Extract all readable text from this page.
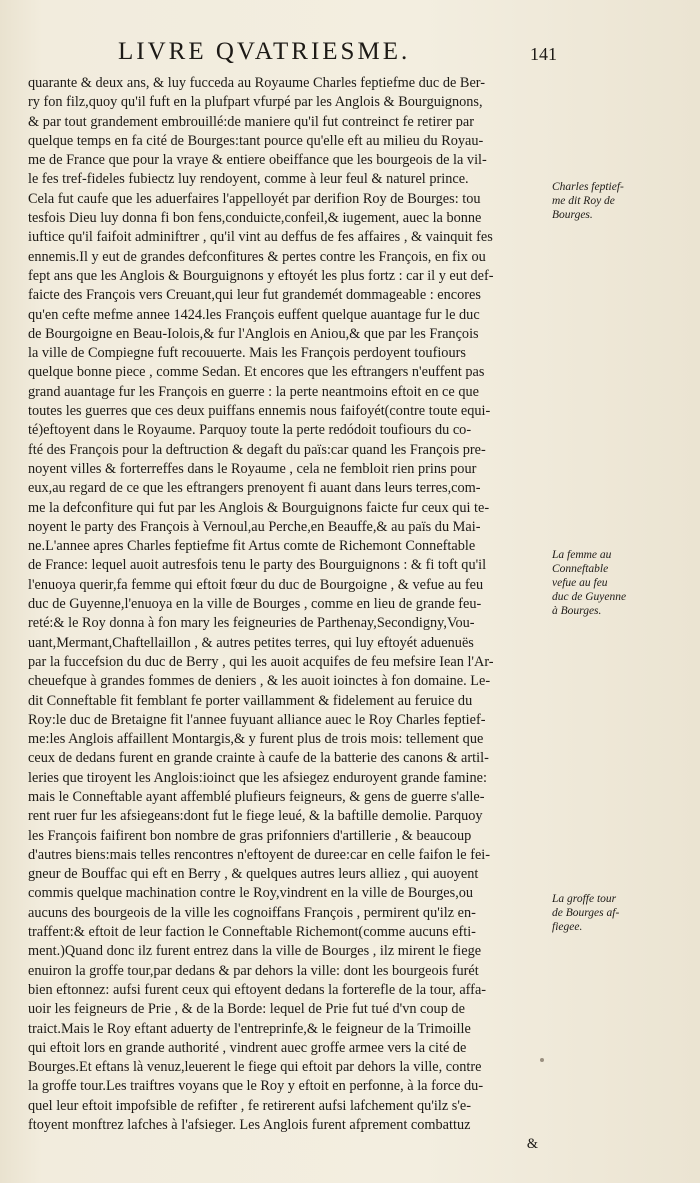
LIVRE QVATRIESME.	141
quarante & deux ans, & luy fucceda au Royaume Charles feptiefme duc de Ber-
ry fon filz,quoy qu'il fuft en la plufpart vfurpé par les Anglois & Bourguignons,
& par tout grandement embrouillé:de maniere qu'il fut contreinct fe retirer par
quelque temps en fa cité de Bourges:tant pource qu'elle eft au milieu du Royau-
me de France que pour la vraye & entiere obeiffance que les bourgeois de la vil-
le fes tref-fideles fubiectz luy rendoyent, comme à leur feul & naturel prince.
Cela fut caufe que les aduerfaires l'appelloyét par derifion Roy de Bourges: tou
tesfois Dieu luy donna fi bon fens,conduicte,confeil,& iugement, auec la bonne
iuftice qu'il faifoit adminiftrer , qu'il vint au deffus de fes affaires , & vainquit fes
ennemis.Il y eut de grandes defconfitures & pertes contre les François, en fix ou
fept ans que les Anglois & Bourguignons y eftoyét les plus fortz : car il y eut def-
faicte des François vers Creuant,qui leur fut grandemét dommageable : encores
qu'en cefte mefme annee 1424.les François euffent quelque auantage fur le duc
de Bourgoigne en Beau-Iolois,& fur l'Anglois en Aniou,& que par les François
la ville de Compiegne fuft recouuerte. Mais les François perdoyent toufiours
quelque bonne piece , comme Sedan. Et encores que les eftrangers n'euffent pas
grand auantage fur les François en guerre : la perte neantmoins eftoit en ce que
toutes les guerres que ces deux puiffans ennemis nous faifoyét(contre toute equi-
té)eftoyent dans le Royaume. Parquoy toute la perte redódoit toufiours du co-
fté des François pour la deftruction & degaft du païs:car quand les François pre-
noyent villes & forterreffes dans le Royaume , cela ne fembloit rien prins pour
eux,au regard de ce que les eftrangers prenoyent fi auant dans leurs terres,com-
me la defconfiture qui fut par les Anglois & Bourguignons faicte fur ceux qui te-
noyent le party des François à Vernoul,au Perche,en Beauffe,& au païs du Mai-
ne.L'annee apres Charles feptiefme fit Artus comte de Richemont Conneftable
de France: lequel auoit autresfois tenu le party des Bourguignons : & fi toft qu'il
l'enuoya querir,fa femme qui eftoit fœur du duc de Bourgoigne , & vefue au feu
duc de Guyenne,l'enuoya en la ville de Bourges , comme en lieu de grande feu-
reté:& le Roy donna à fon mary les feigneuries de Parthenay,Secondigny,Vou-
uant,Mermant,Chaftellaillon , & autres petites terres, qui luy eftoyét aduenuës
par la fuccefsion du duc de Berry , qui les auoit acquifes de feu mefsire Iean l'Ar-
cheuefque à grandes fommes de deniers , & les auoit ioinctes à fon domaine. Le-
dit Conneftable fit femblant fe porter vaillamment & fidelement au feruice du
Roy:le duc de Bretaigne fit l'annee fuyuant alliance auec le Roy Charles feptief-
me:les Anglois affaillent Montargis,& y furent plus de trois mois: tellement que
ceux de dedans furent en grande crainte à caufe de la batterie des canons & artil-
leries que tiroyent les Anglois:ioinct que les afsiegez enduroyent grande famine:
mais le Conneftable ayant affemblé plufieurs feigneurs, & gens de guerre s'alle-
rent ruer fur les afsiegeans:dont fut le fiege leué, & la baftille demolie. Parquoy
les François faifirent bon nombre de gras prifonniers d'artillerie , & beaucoup
d'autres biens:mais telles rencontres n'eftoyent de duree:car en celle faifon le fei-
gneur de Bouffac qui eft en Berry , & quelques autres leurs alliez , qui auoyent
commis quelque machination contre le Roy,vindrent en la ville de Bourges,ou
aucuns des bourgeois de la ville les cognoiffans François , permirent qu'ilz en-
traffent:& eftoit de leur faction le Conneftable Richemont(comme aucuns efti-
ment.)Quand donc ilz furent entrez dans la ville de Bourges , ilz mirent le fiege
enuiron la groffe tour,par dedans & par dehors la ville: dont les bourgeois furét
bien eftonnez: aufsi furent ceux qui eftoyent dedans la forterefle de la tour, affa-
uoir les feigneurs de Prie , & de la Borde: lequel de Prie fut tué d'vn coup de
traict.Mais le Roy eftant aduerty de l'entreprinfe,& le feigneur de la Trimoille
qui eftoit lors en grande authorité , vindrent auec groffe armee vers la cité de
Bourges.Et eftans là venuz,leuerent le fiege qui eftoit par dehors la ville, contre
la groffe tour.Les traiftres voyans que le Roy y eftoit en perfonne, à la force du-
quel leur eftoit impofsible de refifter , fe retirerent aufsi lafchement qu'ilz s'e-
ftoyent monftrez lafches à l'afsieger. Les Anglois furent afprement combattuz
&
Charles feptief-
me dit Roy de
Bourges.
La femme au
Conneftable
vefue au feu
duc de Guyenne
à Bourges.
La groffe tour
de Bourges af-
fiegee.
